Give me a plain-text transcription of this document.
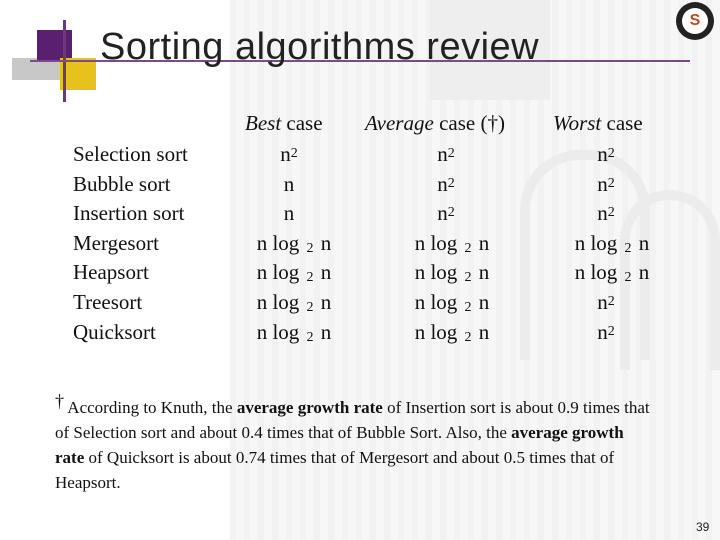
Sorting algorithms review
S
Best case Average case (†) Worst case
Selection sort
Bubble sort
Insertion sort
Mergesort
Heapsort
Treesort
Quicksort
$n^2$
n
n
n log 2 n
n log 2 n
n log 2 n
n log 2 n
$n^2$
$n^2$
$n^2$
n log 2 n
n log 2 n
n log 2 n
n log 2 n
$n^2$
$n^2$
$n^2$
n log 2 n
n log 2 n
$n^2$
$n^2$
† According to Knuth, the average growth rate of Insertion sort is about 0.9 times that of Selection sort and about 0.4 times that of Bubble Sort. Also, the average growth rate of Quicksort is about 0.74 times that of Mergesort and about 0.5 times that of Heapsort.
39
